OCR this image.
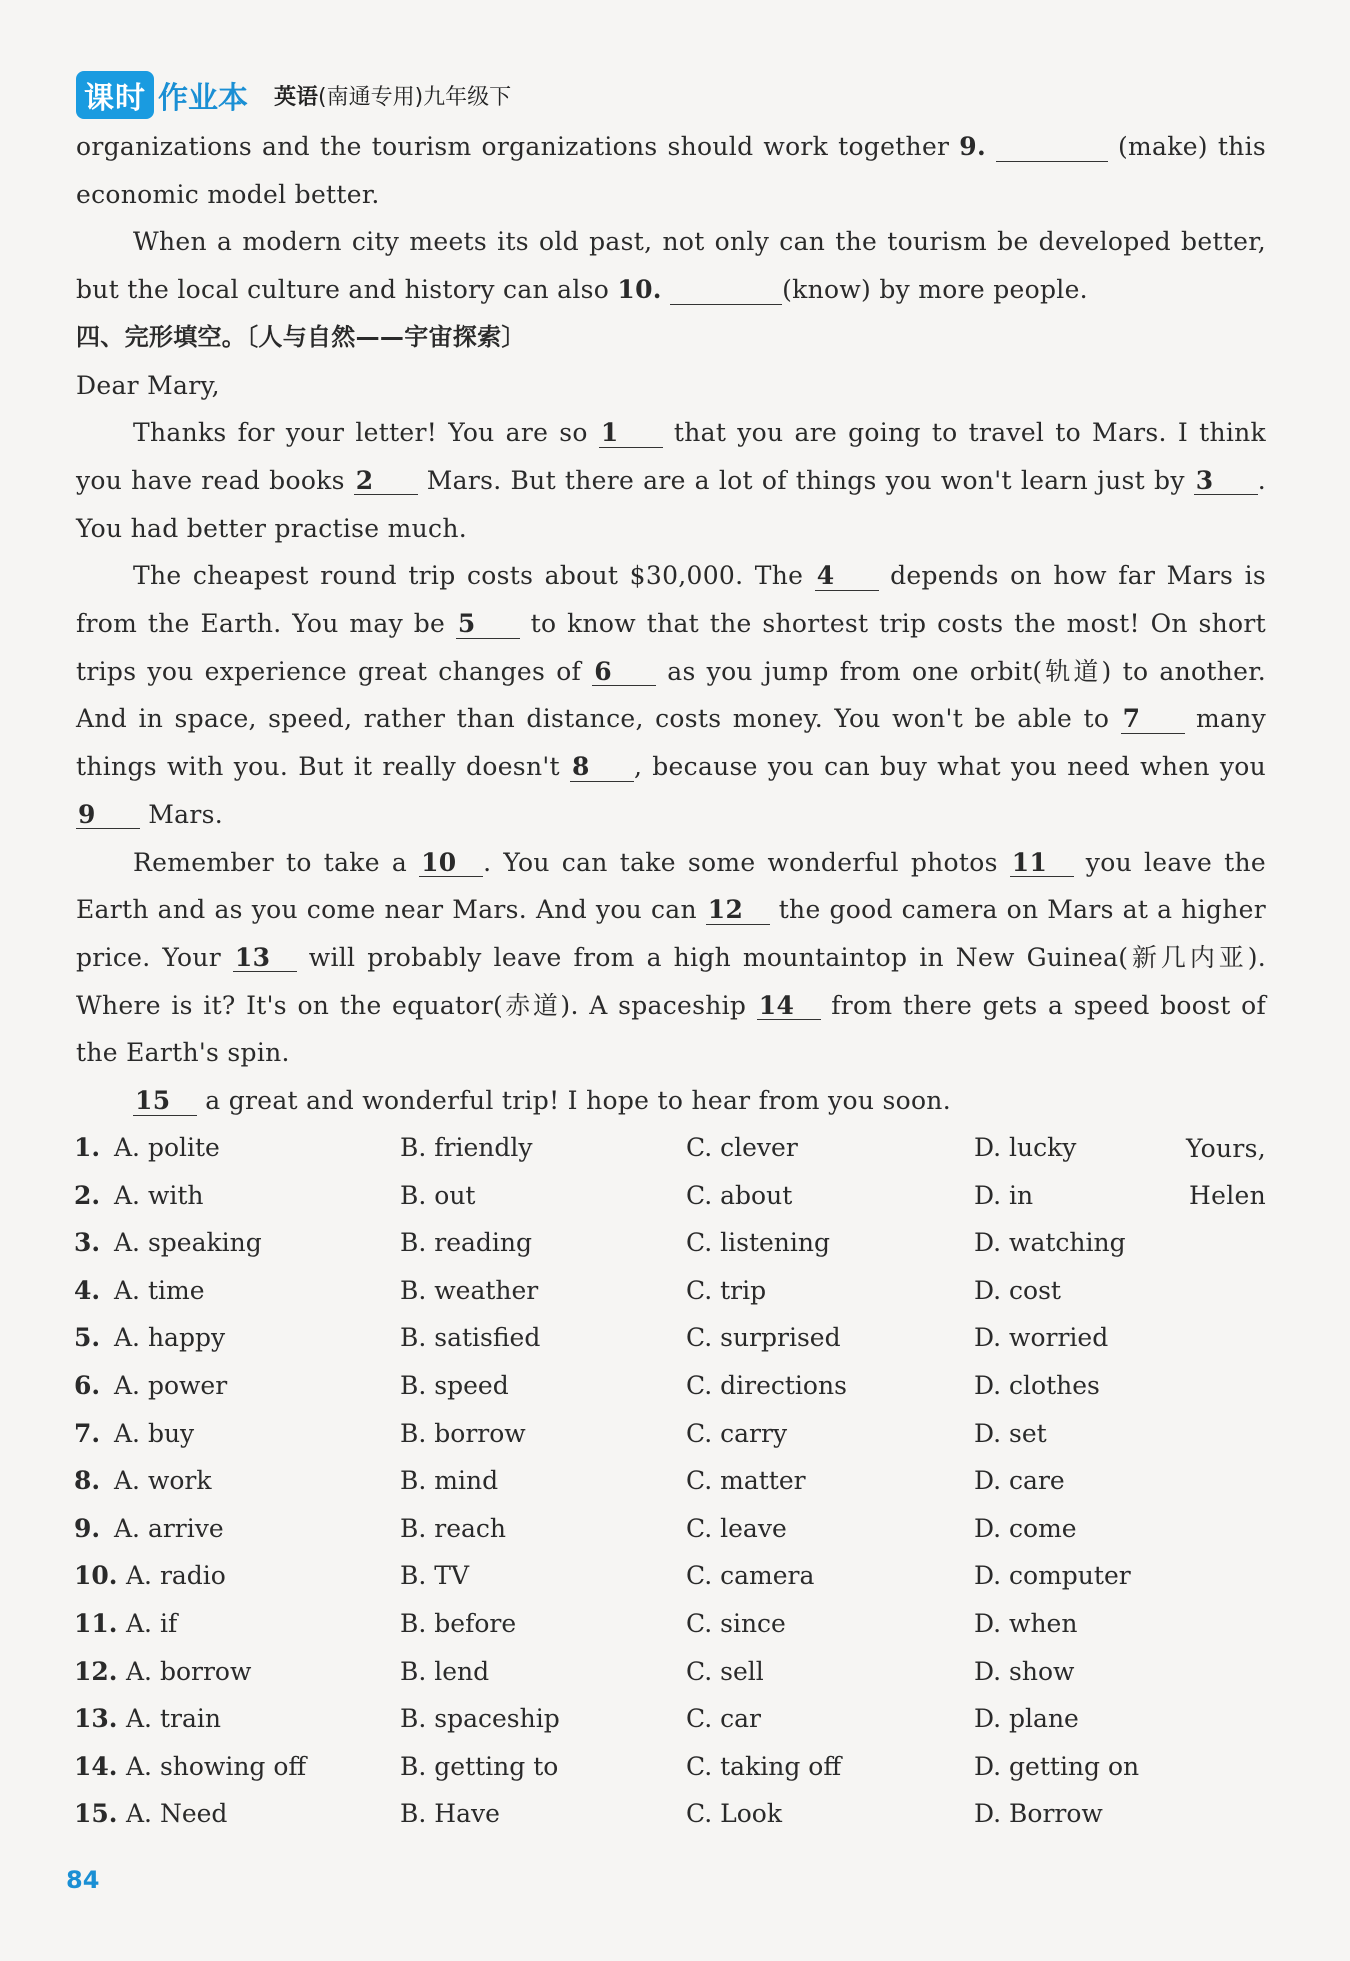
课时 作业本 英语(南通专用)九年级下

organizations and the tourism organizations should work together 9.	(make) this economic model better.

When a modern city meets its old past, not only can the tourism be developed better, but the local culture and history can also 10.	(know) by more people.

四、完形填空。〔人与自然——宇宙探索〕

Dear Mary,

Thanks for your letter! You are so 1 that you are going to travel to Mars. I think you have read books 2 Mars. But there are a lot of things you won't learn just by 3 . You had better practise much.

The cheapest round trip costs about $30,000. The 4 depends on how far Mars is from the Earth. You may be 5 to know that the shortest trip costs the most! On short trips you experience great changes of 6 as you jump from one orbit(轨道) to another. And in space, speed, rather than distance, costs money. You won't be able to 7 many things with you. But it really doesn't 8 , because you can buy what you need when you 9 Mars.

Remember to take a 10 . You can take some wonderful photos 11 you leave the Earth and as you come near Mars. And you can 12 the good camera on Mars at a higher price. Your 13 will probably leave from a high mountaintop in New Guinea(新几内亚). Where is it? It's on the equator(赤道). A spaceship 14 from there gets a speed boost of the Earth's spin.

15 a great and wonderful trip! I hope to hear from you soon.

Yours,

Helen

1. A. polite	B. friendly	C. clever	D. lucky
2. A. with	B. out	C. about	D. in
3. A. speaking	B. reading	C. listening	D. watching
4. A. time	B. weather	C. trip	D. cost
5. A. happy	B. satisfied	C. surprised	D. worried
6. A. power	B. speed	C. directions	D. clothes
7. A. buy	B. borrow	C. carry	D. set
8. A. work	B. mind	C. matter	D. care
9. A. arrive	B. reach	C. leave	D. come
10. A. radio	B. TV	C. camera	D. computer
11. A. if	B. before	C. since	D. when
12. A. borrow	B. lend	C. sell	D. show
13. A. train	B. spaceship	C. car	D. plane
14. A. showing off	B. getting to	C. taking off	D. getting on
15. A. Need	B. Have	C. Look	D. Borrow
84
